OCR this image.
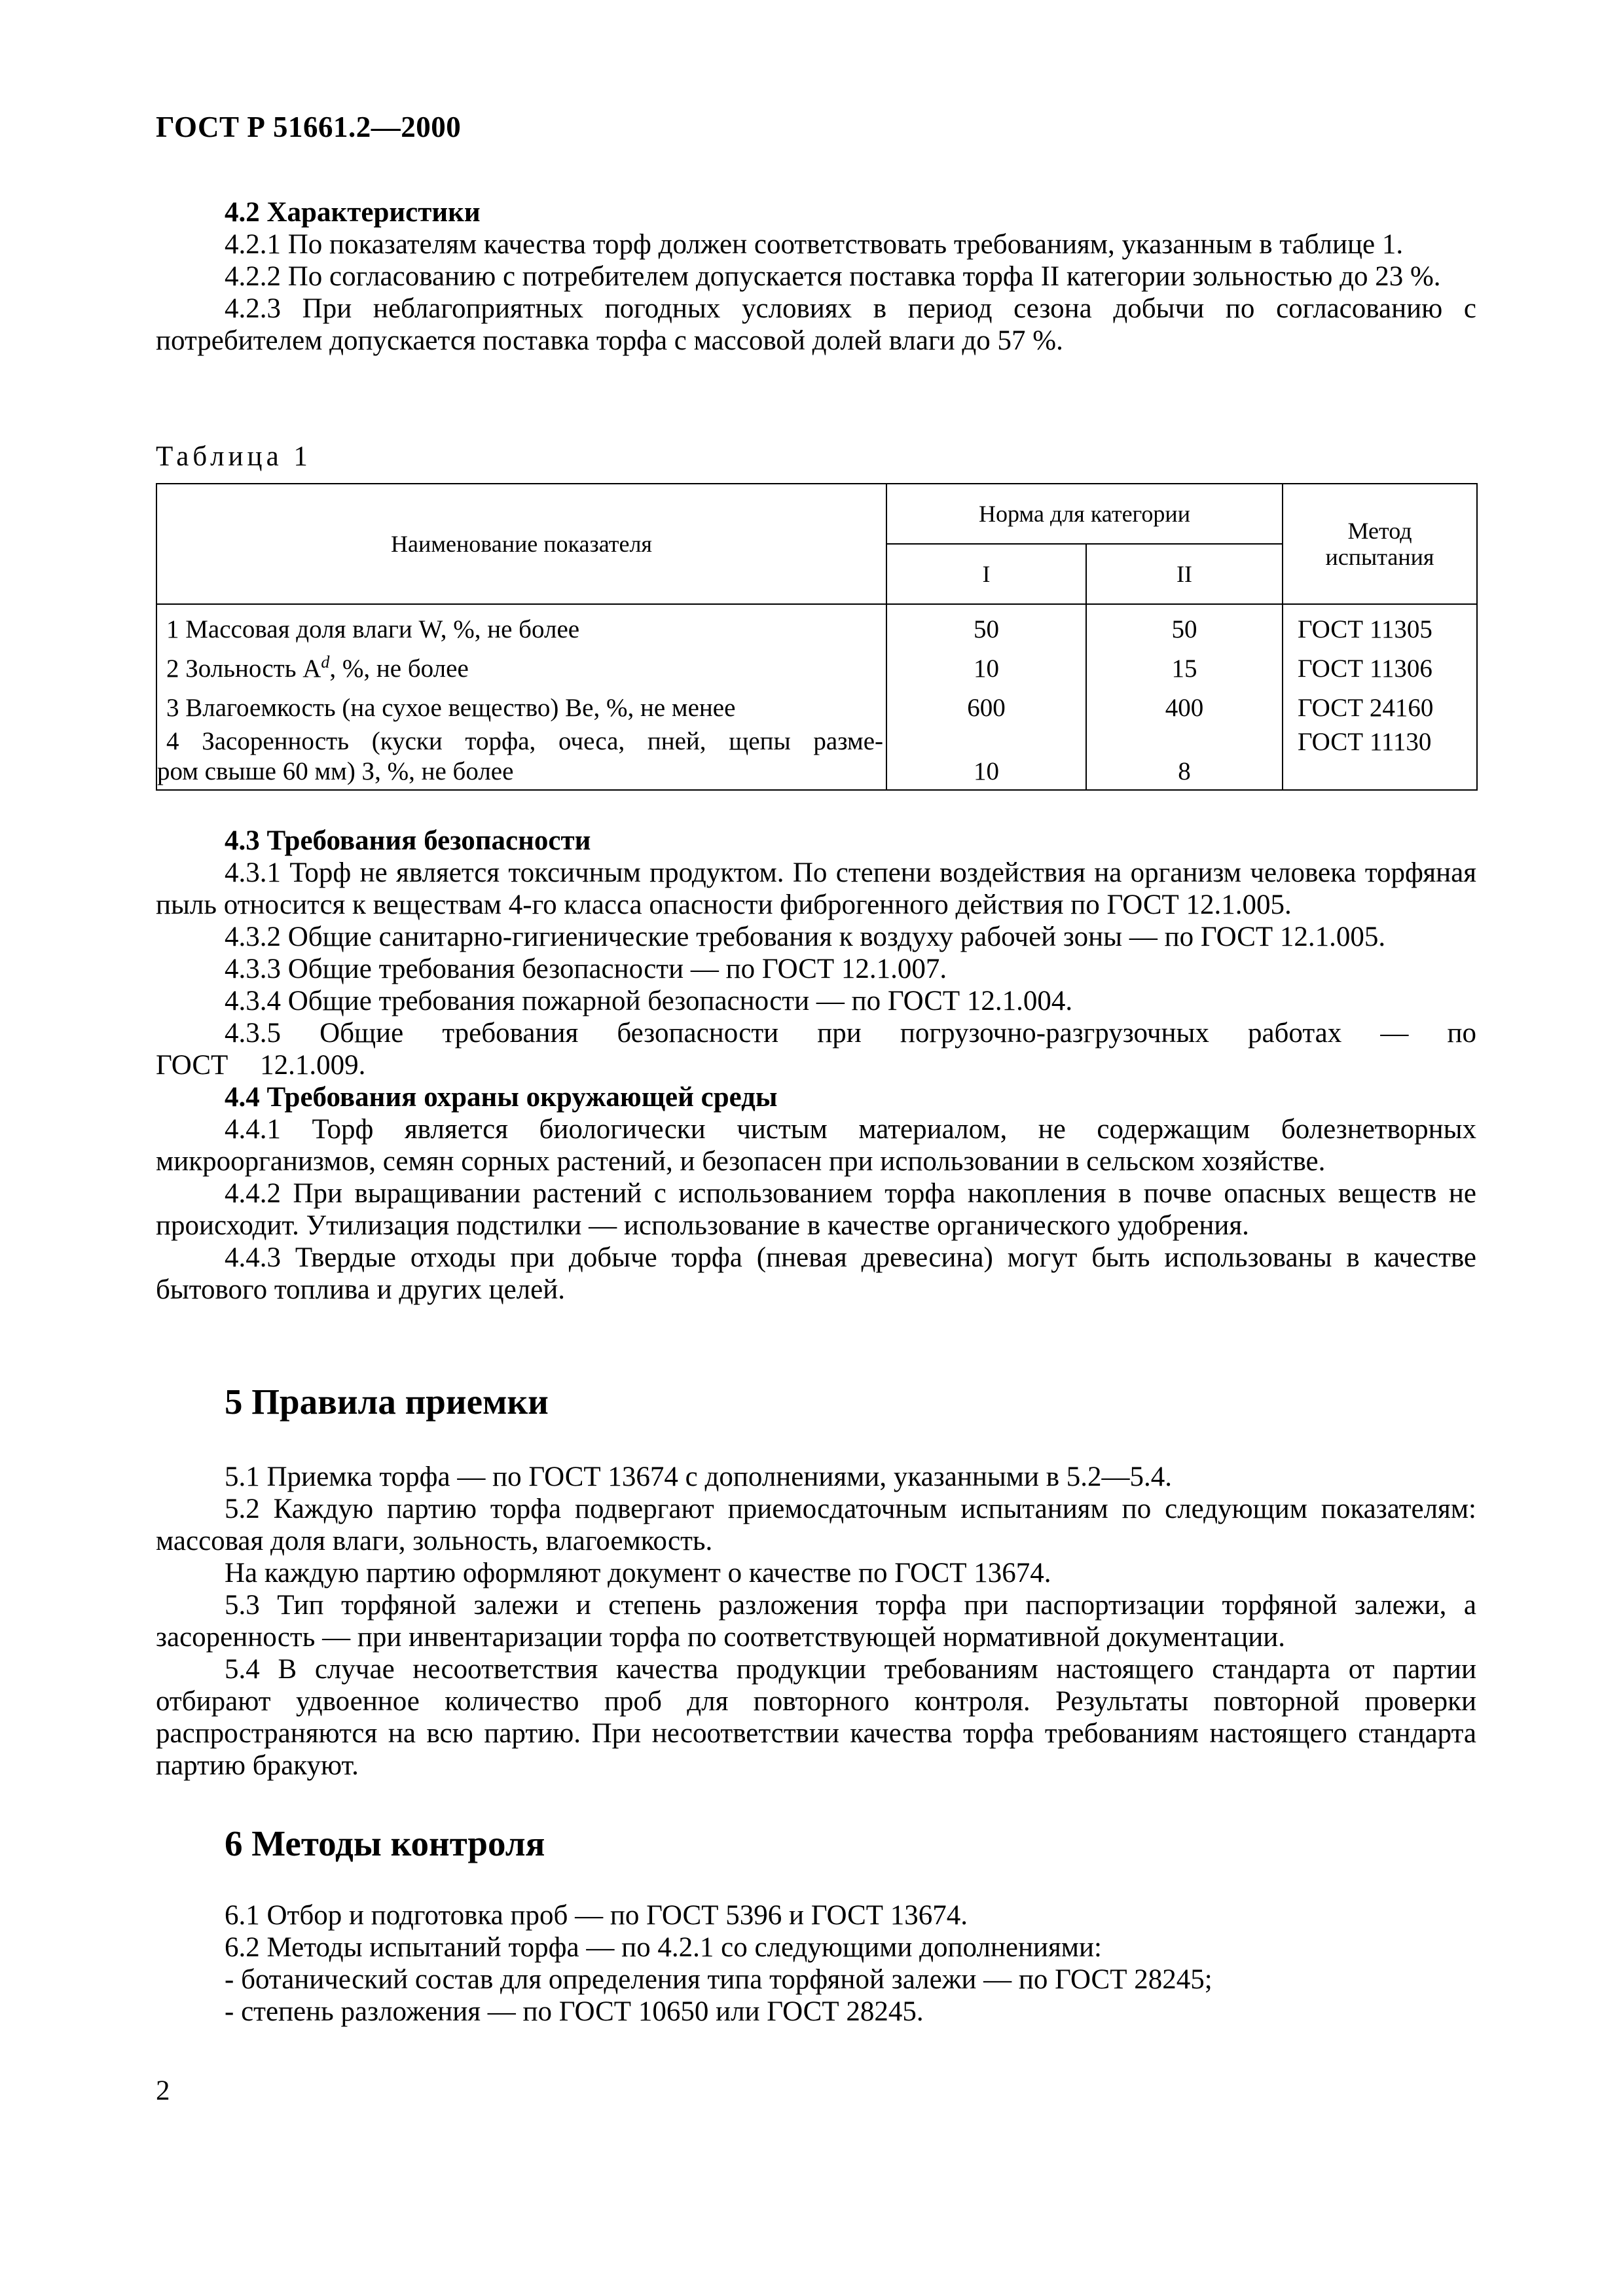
ГОСТ Р 51661.2—2000

4.2 Характеристики

4.2.1 По показателям качества торф должен соответствовать требованиям, указанным в таблице 1.

4.2.2 По согласованию с потребителем допускается поставка торфа II категории зольностью до 23 %.

4.2.3 При неблагоприятных погодных условиях в период сезона добычи по согласованию с потребителем допускается поставка торфа с массовой долей влаги до 57 %.

Таблица 1
Наименование показателя	Норма для категории		Метод испытания
	I	II	
1 Массовая доля влаги W, %, не более	50	50	ГОСТ 11305
2 Зольность $A^d$, %, не более	10	15	ГОСТ 11306
3 Влагоемкость (на сухое вещество) Ве, %, не менее	600	400	ГОСТ 24160

4 Засоренность (куски торфа, очеса, пней, щепы разме-
ром свыше 60 мм) З, %, не более	10	8	ГОСТ 11130

4.3 Требования безопасности

4.3.1 Торф не является токсичным продуктом. По степени воздействия на организм человека торфяная пыль относится к веществам 4-го класса опасности фиброгенного действия по ГОСТ 12.1.005.

4.3.2 Общие санитарно-гигиенические требования к воздуху рабочей зоны — по ГОСТ 12.1.005.

4.3.3 Общие требования безопасности — по ГОСТ 12.1.007.

4.3.4 Общие требования пожарной безопасности — по ГОСТ 12.1.004.

4.3.5 Общие требования безопасности при погрузочно-разгрузочных работах — по ГОСТ 12.1.009.

4.4 Требования охраны окружающей среды

4.4.1 Торф является биологически чистым материалом, не содержащим болезнетворных микроорганизмов, семян сорных растений, и безопасен при использовании в сельском хозяйстве.

4.4.2 При выращивании растений с использованием торфа накопления в почве опасных веществ не происходит. Утилизация подстилки — использование в качестве органического удобрения.

4.4.3 Твердые отходы при добыче торфа (пневая древесина) могут быть использованы в качестве бытового топлива и других целей.

5 Правила приемки

5.1 Приемка торфа — по ГОСТ 13674 с дополнениями, указанными в 5.2—5.4.

5.2 Каждую партию торфа подвергают приемосдаточным испытаниям по следующим показателям: массовая доля влаги, зольность, влагоемкость.

На каждую партию оформляют документ о качестве по ГОСТ 13674.

5.3 Тип торфяной залежи и степень разложения торфа при паспортизации торфяной залежи, а засоренность — при инвентаризации торфа по соответствующей нормативной документации.

5.4 В случае несоответствия качества продукции требованиям настоящего стандарта от партии отбирают удвоенное количество проб для повторного контроля. Результаты повторной проверки распространяются на всю партию. При несоответствии качества торфа требованиям настоящего стандарта партию бракуют.

6 Методы контроля

6.1 Отбор и подготовка проб — по ГОСТ 5396 и ГОСТ 13674.

6.2 Методы испытаний торфа — по 4.2.1 со следующими дополнениями:

- ботанический состав для определения типа торфяной залежи — по ГОСТ 28245;

- степень разложения — по ГОСТ 10650 или ГОСТ 28245.

2
